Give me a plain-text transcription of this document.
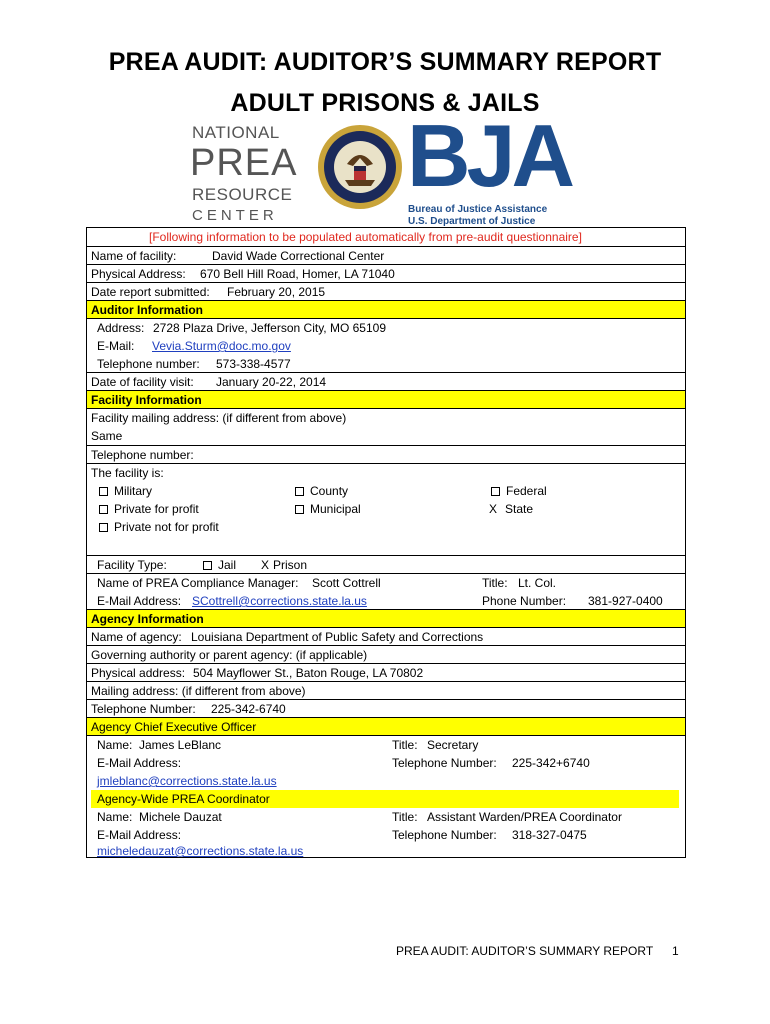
PREA AUDIT: AUDITOR’S SUMMARY REPORT
ADULT PRISONS & JAILS
NATIONAL
PREA
RESOURCE
CENTER
BJA
Bureau of Justice Assistance
U.S. Department of Justice
[Following information to be populated automatically from pre-audit questionnaire]
Name of facility:	David Wade Correctional Center
Physical Address: 670 Bell Hill Road, Homer, LA 71040
Date report submitted: February 20, 2015
Auditor Information
Address: 2728 Plaza Drive, Jefferson City, MO 65109
E-Mail: Vevia.Sturm@doc.mo.gov
Telephone number: 573-338-4577
Date of facility visit: January 20-22, 2014
Facility Information
Facility mailing address: (if different from above)
Same
Telephone number:
The facility is:
Military	County	Federal
Private for profit	Municipal	X State
Private not for profit
Facility Type:	Jail X Prison
Name of PREA Compliance Manager: Scott Cottrell	Title: Lt. Col.
E-Mail Address: SCottrell@corrections.state.la.us	Phone Number: 381-927-0400
Agency Information
Name of agency: Louisiana Department of Public Safety and Corrections
Governing authority or parent agency: (if applicable)
Physical address: 504 Mayflower St., Baton Rouge, LA 70802
Mailing address: (if different from above)
Telephone Number: 225-342-6740
Agency Chief Executive Officer
Name: James LeBlanc	Title: Secretary
E-Mail Address:	Telephone Number: 225-342+6740
jmleblanc@corrections.state.la.us
Agency-Wide PREA Coordinator
Name: Michele Dauzat	Title: Assistant Warden/PREA Coordinator
E-Mail Address:	Telephone Number: 318-327-0475
micheledauzat@corrections.state.la.us
PREA AUDIT: AUDITOR’S SUMMARY REPORT 1
